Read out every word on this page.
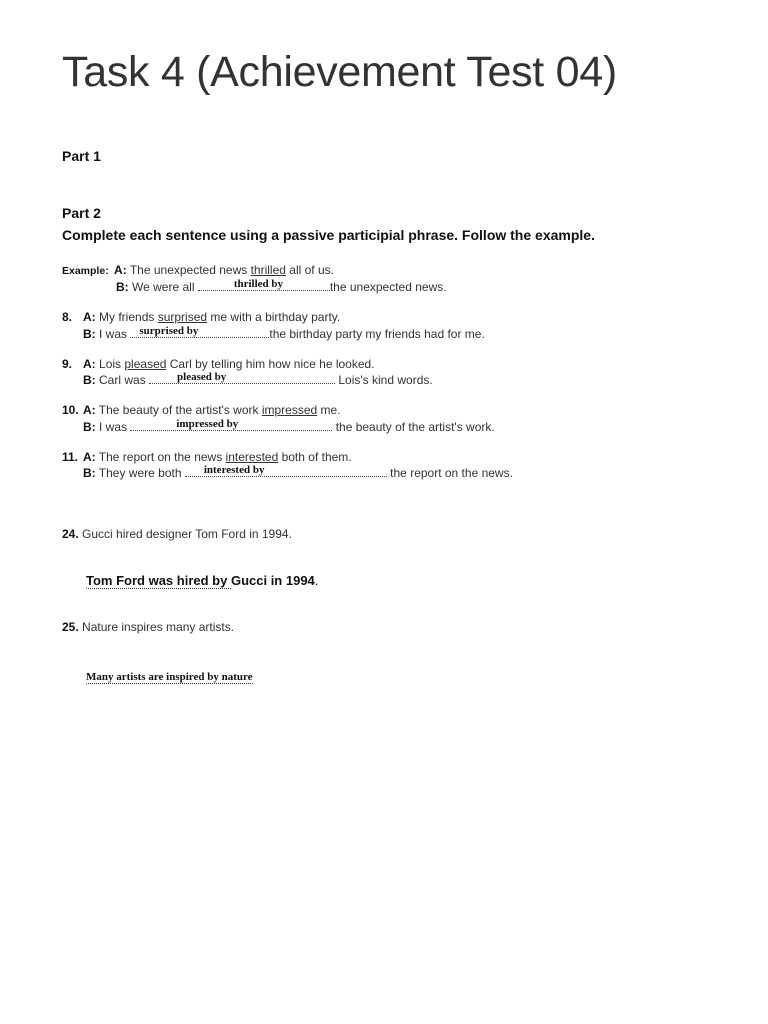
Task 4 (Achievement Test 04)
Part 1
Part 2
Complete each sentence using a passive participial phrase. Follow the example.
Example: A: The unexpected news thrilled all of us.
B: We were all	thrilled by	the unexpected news.
8. A: My friends surprised me with a birthday party.
B: I was surprised by	the birthday party my friends had for me.
9. A: Lois pleased Carl by telling him how nice he looked.
B: Carl was	pleased by	Lois's kind words.
10. A: The beauty of the artist's work impressed me.
B: I was	impressed by	the beauty of the artist's work.
11. A: The report on the news interested both of them.
B: They were both interested by	the report on the news.
24. Gucci hired designer Tom Ford in 1994.
Tom Ford was hired by Gucci in 1994.
25. Nature inspires many artists.
Many artists are inspired by nature
